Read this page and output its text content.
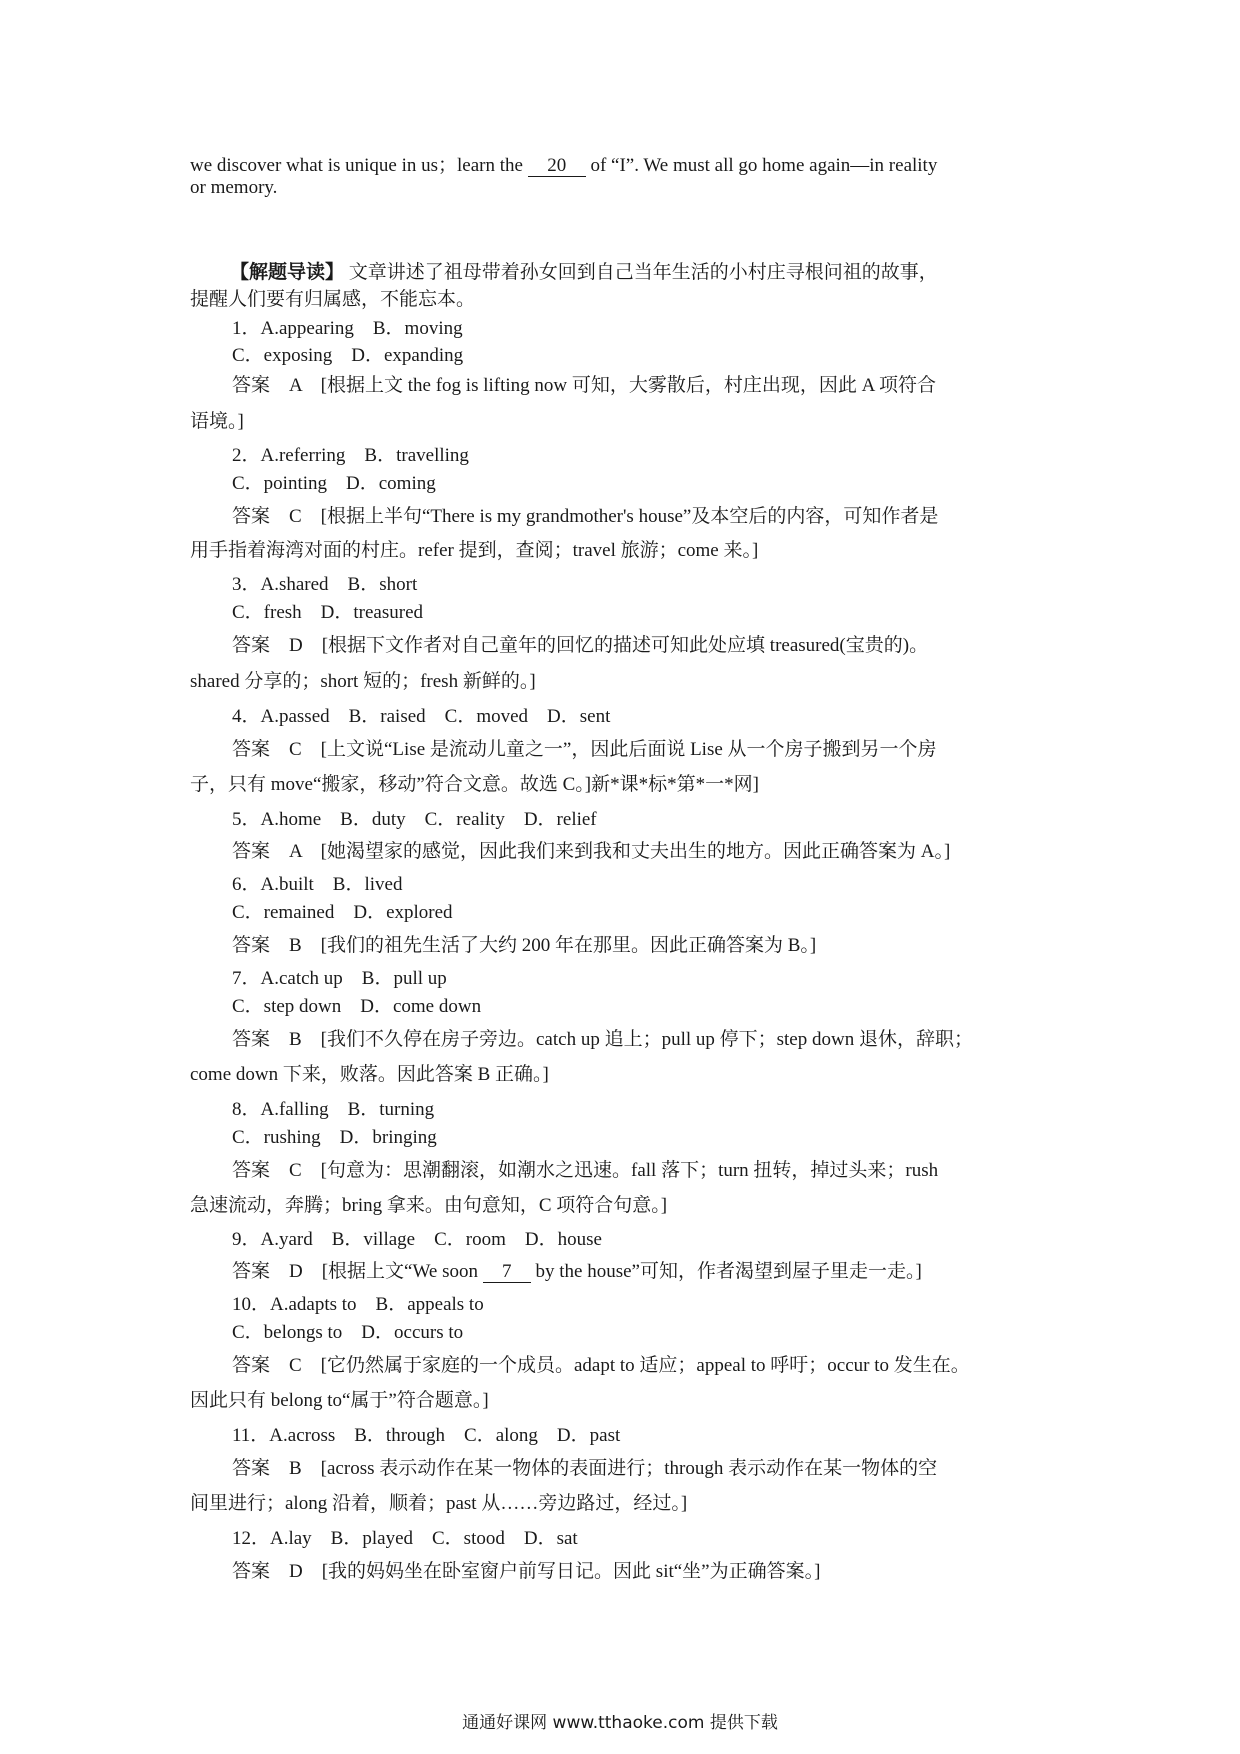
we discover what is unique in us；learn the 20 of “I”. We must all go home again—in reality
or memory.
【解题导读】 文章讲述了祖母带着孙女回到自己当年生活的小村庄寻根问祖的故事，
提醒人们要有归属感，不能忘本。
1．A.appearing　B．moving
C．exposing　D．expanding
答案　A　[根据上文 the fog is lifting now 可知，大雾散后，村庄出现，因此 A 项符合
语境。]
2．A.referring　B．travelling
C．pointing　D．coming
答案　C　[根据上半句“There is my grandmother's house”及本空后的内容，可知作者是
用手指着海湾对面的村庄。refer 提到，查阅；travel 旅游；come 来。]
3．A.shared　B．short
C．fresh　D．treasured
答案　D　[根据下文作者对自己童年的回忆的描述可知此处应填 treasured(宝贵的)。
shared 分享的；short 短的；fresh 新鲜的。]
4．A.passed　B．raised　C．moved　D．sent
答案　C　[上文说“Lise 是流动儿童之一”，因此后面说 Lise 从一个房子搬到另一个房
子，只有 move“搬家，移动”符合文意。故选 C。]新*课*标*第*一*网]
5．A.home　B．duty　C．reality　D．relief
答案　A　[她渴望家的感觉，因此我们来到我和丈夫出生的地方。因此正确答案为 A。]
6．A.built　B．lived
C．remained　D．explored
答案　B　[我们的祖先生活了大约 200 年在那里。因此正确答案为 B。]
7．A.catch up　B．pull up
C．step down　D．come down
答案　B　[我们不久停在房子旁边。catch up 追上；pull up 停下；step down 退休，辞职；
come down 下来，败落。因此答案 B 正确。]
8．A.falling　B．turning
C．rushing　D．bringing
答案　C　[句意为：思潮翻滚，如潮水之迅速。fall 落下；turn 扭转，掉过头来；rush
急速流动，奔腾；bring 拿来。由句意知，C 项符合句意。]
9．A.yard　B．village　C．room　D．house
答案　D　[根据上文“We soon 7 by the house”可知，作者渴望到屋子里走一走。]
10．A.adapts to　B．appeals to
C．belongs to　D．occurs to
答案　C　[它仍然属于家庭的一个成员。adapt to 适应；appeal to 呼吁；occur to 发生在。
因此只有 belong to“属于”符合题意。]
11．A.across　B．through　C．along　D．past
答案　B　[across 表示动作在某一物体的表面进行；through 表示动作在某一物体的空
间里进行；along 沿着，顺着；past 从……旁边路过，经过。]
12．A.lay　B．played　C．stood　D．sat
答案　D　[我的妈妈坐在卧室窗户前写日记。因此 sit“坐”为正确答案。]
通通好课网 www.tthaoke.com 提供下载
